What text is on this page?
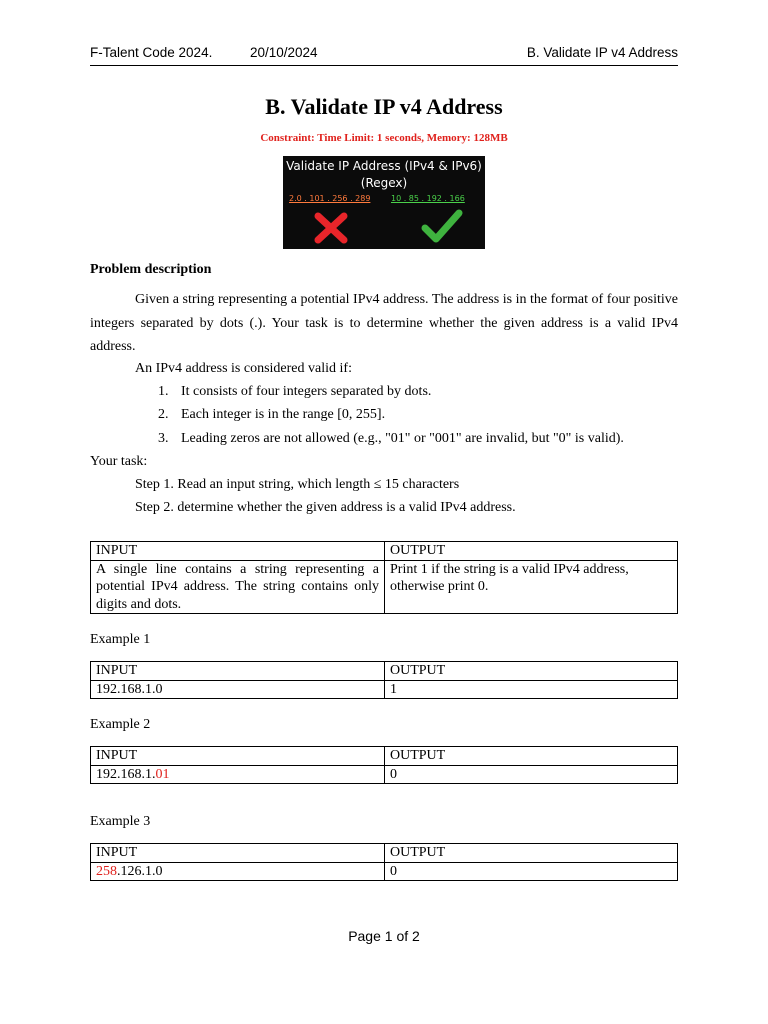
F-Talent Code 2024.	20/10/2024	B. Validate IP v4 Address
B. Validate IP v4 Address
Constraint: Time Limit: 1 seconds, Memory: 128MB
Validate IP Address (IPv4 & IPv6)
(Regex)
2.0 . 101 . 256 . 289	10 . 85 . 192 . 166
Problem description
Given a string representing a potential IPv4 address. The address is in the format of four positive integers separated by dots (.). Your task is to determine whether the given address is a valid IPv4 address.
An IPv4 address is considered valid if:
1. It consists of four integers separated by dots.
2. Each integer is in the range [0, 255].
3. Leading zeros are not allowed (e.g., "01" or "001" are invalid, but "0" is valid).
Your task:
Step 1. Read an input string, which length ≤ 15 characters
Step 2. determine whether the given address is a valid IPv4 address.
INPUT	OUTPUT
A single line contains a string representing a potential IPv4 address. The string contains only digits and dots.	Print 1 if the string is a valid IPv4 address, otherwise print 0.
Example 1
INPUT	OUTPUT
192.168.1.0	1
Example 2
INPUT	OUTPUT
192.168.1.01	0
Example 3
INPUT	OUTPUT
258.126.1.0	0
Page 1 of 2
